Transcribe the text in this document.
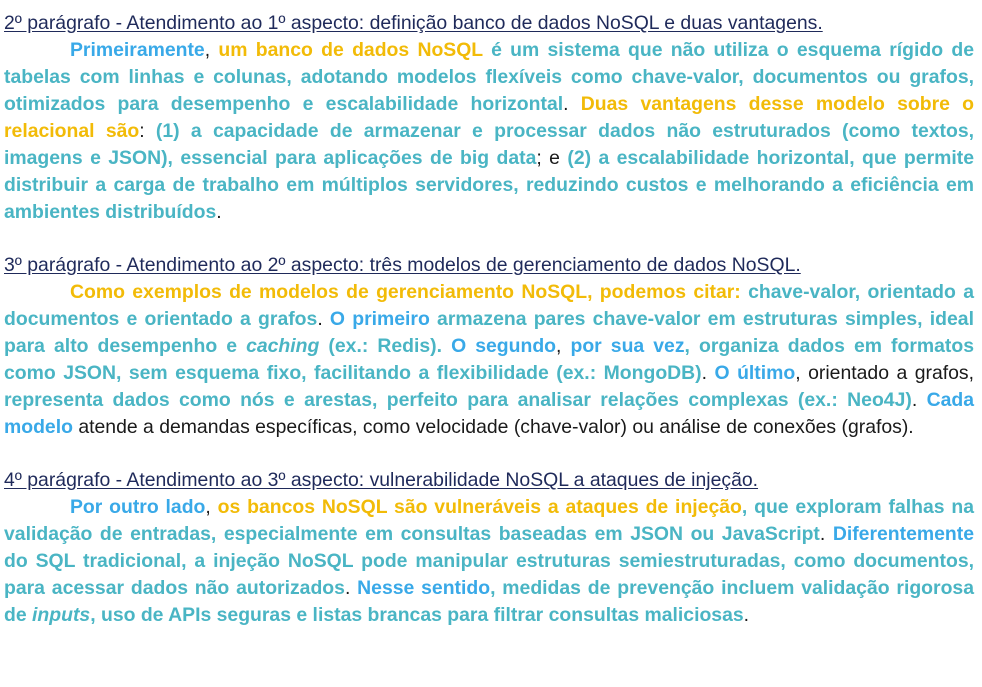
2º parágrafo - Atendimento ao 1º aspecto: definição banco de dados NoSQL e duas vantagens.

Primeiramente, um banco de dados NoSQL é um sistema que não utiliza o esquema rígido de tabelas com linhas e colunas, adotando modelos flexíveis como chave-valor, documentos ou grafos, otimizados para desempenho e escalabilidade horizontal. Duas vantagens desse modelo sobre o relacional são: (1) a capacidade de armazenar e processar dados não estruturados (como textos, imagens e JSON), essencial para aplicações de big data; e (2) a escalabilidade horizontal, que permite distribuir a carga de trabalho em múltiplos servidores, reduzindo custos e melhorando a eficiência em ambientes distribuídos.

3º parágrafo - Atendimento ao 2º aspecto: três modelos de gerenciamento de dados NoSQL.

Como exemplos de modelos de gerenciamento NoSQL, podemos citar: chave-valor, orientado a documentos e orientado a grafos. O primeiro armazena pares chave-valor em estruturas simples, ideal para alto desempenho e caching (ex.: Redis). O segundo, por sua vez, organiza dados em formatos como JSON, sem esquema fixo, facilitando a flexibilidade (ex.: MongoDB). O último, orientado a grafos, representa dados como nós e arestas, perfeito para analisar relações complexas (ex.: Neo4J). Cada modelo atende a demandas específicas, como velocidade (chave-valor) ou análise de conexões (grafos).

4º parágrafo - Atendimento ao 3º aspecto: vulnerabilidade NoSQL a ataques de injeção.

Por outro lado, os bancos NoSQL são vulneráveis a ataques de injeção, que exploram falhas na validação de entradas, especialmente em consultas baseadas em JSON ou JavaScript. Diferentemente do SQL tradicional, a injeção NoSQL pode manipular estruturas semiestruturadas, como documentos, para acessar dados não autorizados. Nesse sentido, medidas de prevenção incluem validação rigorosa de inputs, uso de APIs seguras e listas brancas para filtrar consultas maliciosas.
